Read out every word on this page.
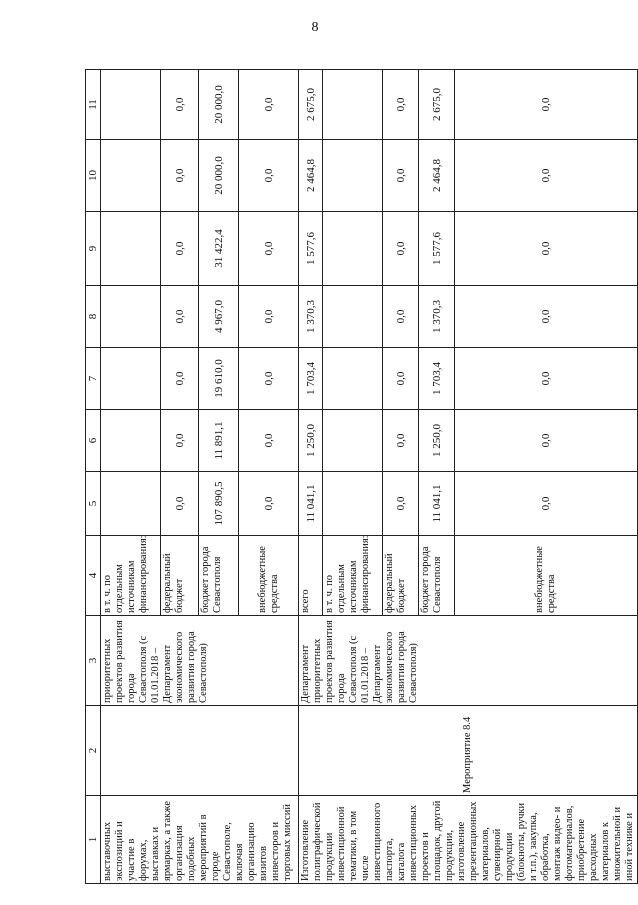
8
1	2	3	4	5	6	7	8	9	10	11
выставочных экспозиций и участие в форумах, выставках и ярмарках, а также организация подобных мероприятий в городе Севастополе, включая организацию визитов инвесторов и торговых миссий		приоритетных проектов развития города Севастополя (с 01.01.2018 – Департамент экономического развития города Севастополя)	в т. ч. по отдельным источникам финансирования:							
			федеральный бюджет	0,0	0,0	0,0	0,0	0,0	0,0	0,0
			бюджет города Севастополя	107 890,5	11 891,1	19 610,0	4 967,0	31 422,4	20 000,0	20 000,0
			внебюджетные средства	0,0	0,0	0,0	0,0	0,0	0,0	0,0
Изготовление полиграфической продукции инвестиционной тематики, в том числе инвестиционного паспорта, каталога инвестиционных проектов и площадок, другой продукции, изготовление презентационных материалов, сувенирной продукции (блокноты, ручки и т.п.), закупка, обработка, монтаж видео- и фотоматериалов, приобретение расходных материалов к множительной и иной технике и	Мероприятие 8.4	Департамент приоритетных проектов развития города Севастополя (с 01.01.2018 – Департамент экономического развития города Севастополя)	всего	11 041,1	1 250,0	1 703,4	1 370,3	1 577,6	2 464,8	2 675,0
			в т. ч. по отдельным источникам финансирования:							
			федеральный бюджет	0,0	0,0	0,0	0,0	0,0	0,0	0,0
			бюджет города Севастополя	11 041,1	1 250,0	1 703,4	1 370,3	1 577,6	2 464,8	2 675,0
			внебюджетные средства	0,0	0,0	0,0	0,0	0,0	0,0	0,0
